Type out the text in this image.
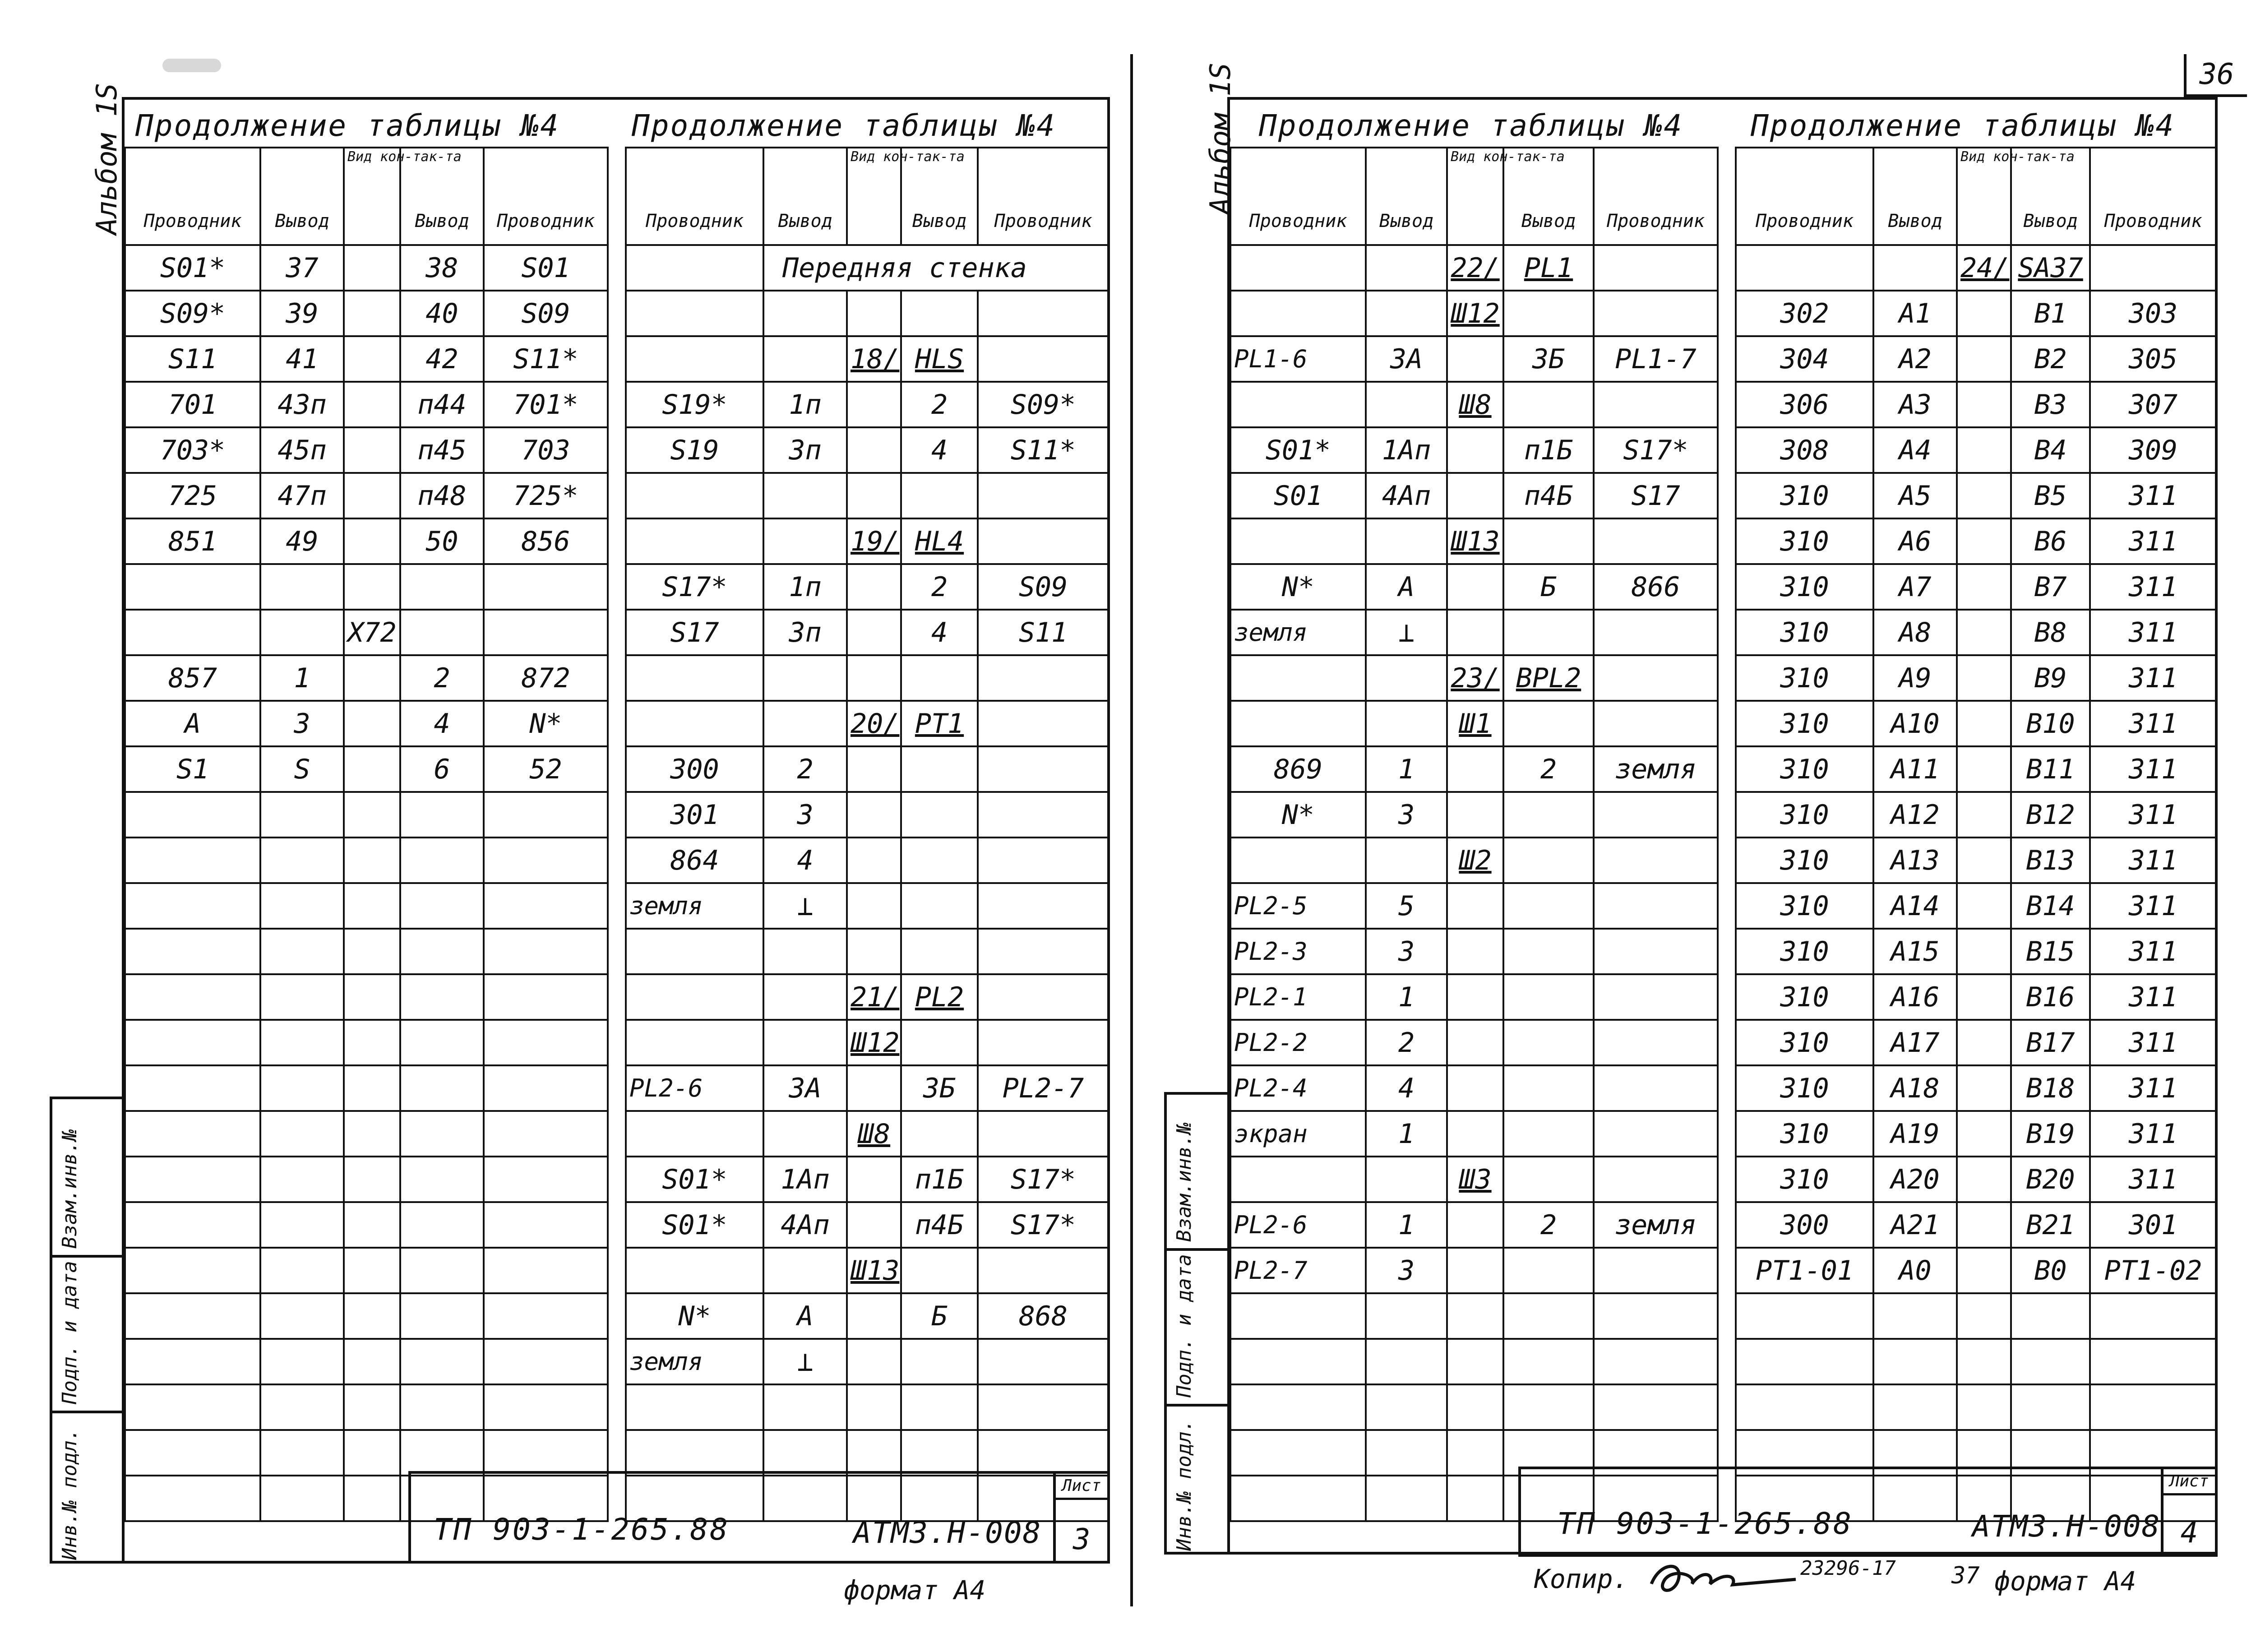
Альбом 1S
Взам.инв.№
Подп. и дата
Инв.№ подл.
Продолжение таблицы №4 Продолжение таблицы №4
Проводник	Вывод	Вид кон-так-та	Вывод	Проводник
S01*	37		38	S01
S09*	39		40	S09
S11	41		42	S11*
701	43п		п44	701*
703*	45п		п45	703
725	47п		п48	725*
851	49		50	856

		X72		
857	1		2	872
A	3		4	N*
S1	S		6	52

Проводник	Вывод	Вид кон-так-та	Вывод	Проводник
	Передняя стенка			

		18/	HLS	
S19*	1п		2	S09*
S19	3п		4	S11*

		19/	HL4	
S17*	1п		2	S09
S17	3п		4	S11

		20/	PT1	
300	2			
301	3			
864	4			
земля	⊥			

		21/	PL2	
		Ш12		
PL2-6	3А		3Б	PL2-7
		Ш8		
S01*	1Ап		п1Б	S17*
S01*	4Ап		п4Б	S17*
		Ш13		
N*	А		Б	868
земля	⊥			

ТП 903-1-265.88	АТМ3.Н-008
Лист
3
формат А4
36
Альбом 1S
Взам.инв.№
Подп. и дата
Инв.№ подл.
Продолжение таблицы №4 Продолжение таблицы №4
Проводник	Вывод	Вид кон-так-та	Вывод	Проводник
		22/	PL1	
		Ш12		
PL1-6	3А		3Б	PL1-7
		Ш8		
S01*	1Ап		п1Б	S17*
S01	4Ап		п4Б	S17
		Ш13		
N*	А		Б	866
земля	⊥			
		23/	BPL2	
		Ш1		
869	1		2	земля
N*	3			
		Ш2		
PL2-5	5			
PL2-3	3			
PL2-1	1			
PL2-2	2			
PL2-4	4			
экран	1			
		Ш3		
PL2-6	1		2	земля
PL2-7	3			

Проводник	Вывод	Вид кон-так-та	Вывод	Проводник
		24/	SA37	
302	A1		B1	303
304	A2		B2	305
306	A3		B3	307
308	A4		B4	309
310	A5		B5	311
310	A6		B6	311
310	A7		B7	311
310	A8		B8	311
310	A9		B9	311
310	A10		B10	311
310	A11		B11	311
310	A12		B12	311
310	A13		B13	311
310	A14		B14	311
310	A15		B15	311
310	A16		B16	311
310	A17		B17	311
310	A18		B18	311
310	A19		B19	311
310	A20		B20	311
300	A21		B21	301
PT1-01	A0		B0	PT1-02

ТП 903-1-265.88	АТМ3.Н-008
Лист
4
Копир.	23296-17 37 формат А4
